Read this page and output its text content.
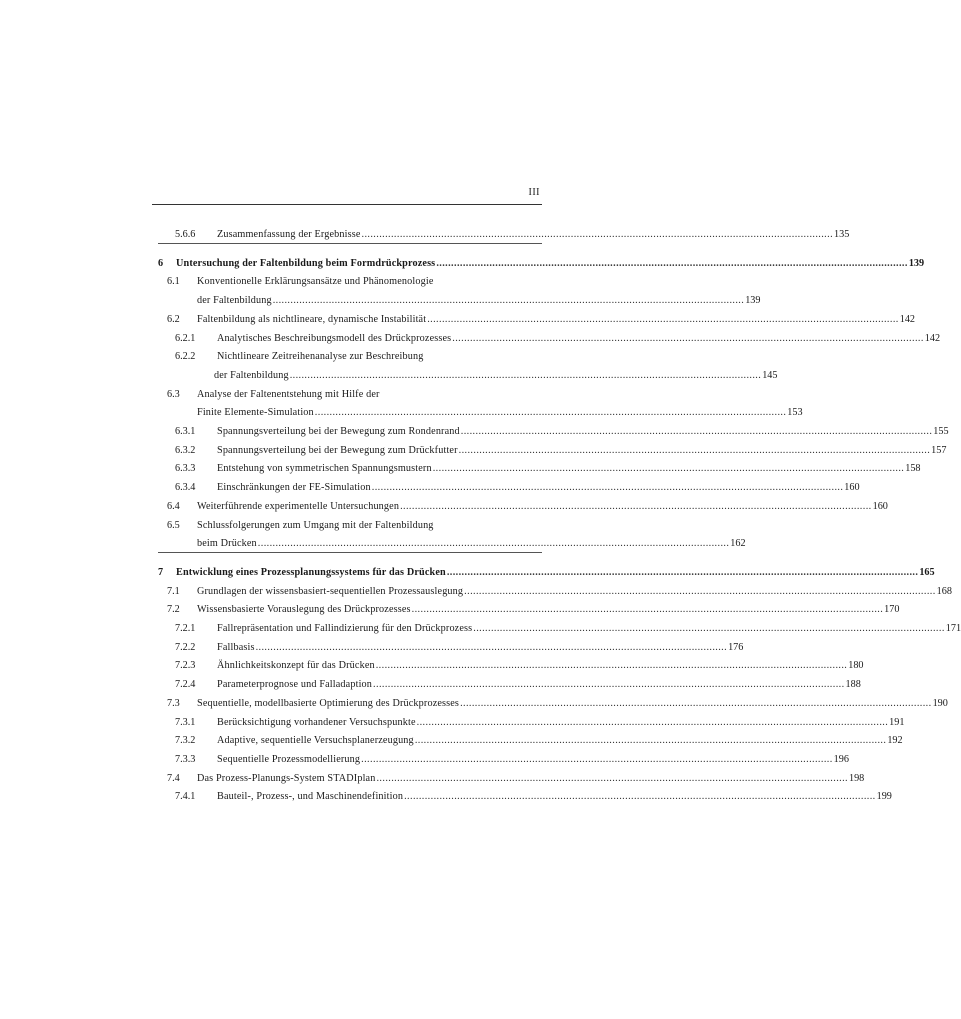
III
5.6.6 Zusammenfassung der Ergebnisse ................................................................................................................................................................ 135
6 Untersuchung der Faltenbildung beim Formdrückprozess ................................................................................................................................................................ 139
6.1 Konventionelle Erklärungsansätze und Phänomenologie
der Faltenbildung ................................................................................................................................................................ 139
6.2 Faltenbildung als nichtlineare, dynamische Instabilität ................................................................................................................................................................ 142
6.2.1 Analytisches Beschreibungsmodell des Drückprozesses ................................................................................................................................................................ 142
6.2.2 Nichtlineare Zeitreihenanalyse zur Beschreibung
der Faltenbildung ................................................................................................................................................................ 145
6.3 Analyse der Faltenentstehung mit Hilfe der
Finite Elemente-Simulation ................................................................................................................................................................ 153
6.3.1 Spannungsverteilung bei der Bewegung zum Rondenrand ................................................................................................................................................................ 155
6.3.2 Spannungsverteilung bei der Bewegung zum Drückfutter ................................................................................................................................................................ 157
6.3.3 Entstehung von symmetrischen Spannungsmustern ................................................................................................................................................................ 158
6.3.4 Einschränkungen der FE-Simulation ................................................................................................................................................................ 160
6.4 Weiterführende experimentelle Untersuchungen ................................................................................................................................................................ 160
6.5 Schlussfolgerungen zum Umgang mit der Faltenbildung
beim Drücken ................................................................................................................................................................ 162
7 Entwicklung eines Prozessplanungssystems für das Drücken ................................................................................................................................................................ 165
7.1 Grundlagen der wissensbasiert-sequentiellen Prozessauslegung ................................................................................................................................................................ 168
7.2 Wissensbasierte Vorauslegung des Drückprozesses ................................................................................................................................................................ 170
7.2.1 Fallrepräsentation und Fallindizierung für den Drückprozess ................................................................................................................................................................ 171
7.2.2 Fallbasis ................................................................................................................................................................ 176
7.2.3 Ähnlichkeitskonzept für das Drücken ................................................................................................................................................................ 180
7.2.4 Parameterprognose und Falladaption ................................................................................................................................................................ 188
7.3 Sequentielle, modellbasierte Optimierung des Drückprozesses ................................................................................................................................................................ 190
7.3.1 Berücksichtigung vorhandener Versuchspunkte ................................................................................................................................................................ 191
7.3.2 Adaptive, sequentielle Versuchsplanerzeugung ................................................................................................................................................................ 192
7.3.3 Sequentielle Prozessmodellierung ................................................................................................................................................................ 196
7.4 Das Prozess-Planungs-System STADIplan ................................................................................................................................................................ 198
7.4.1 Bauteil-, Prozess-, und Maschinendefinition ................................................................................................................................................................ 199
